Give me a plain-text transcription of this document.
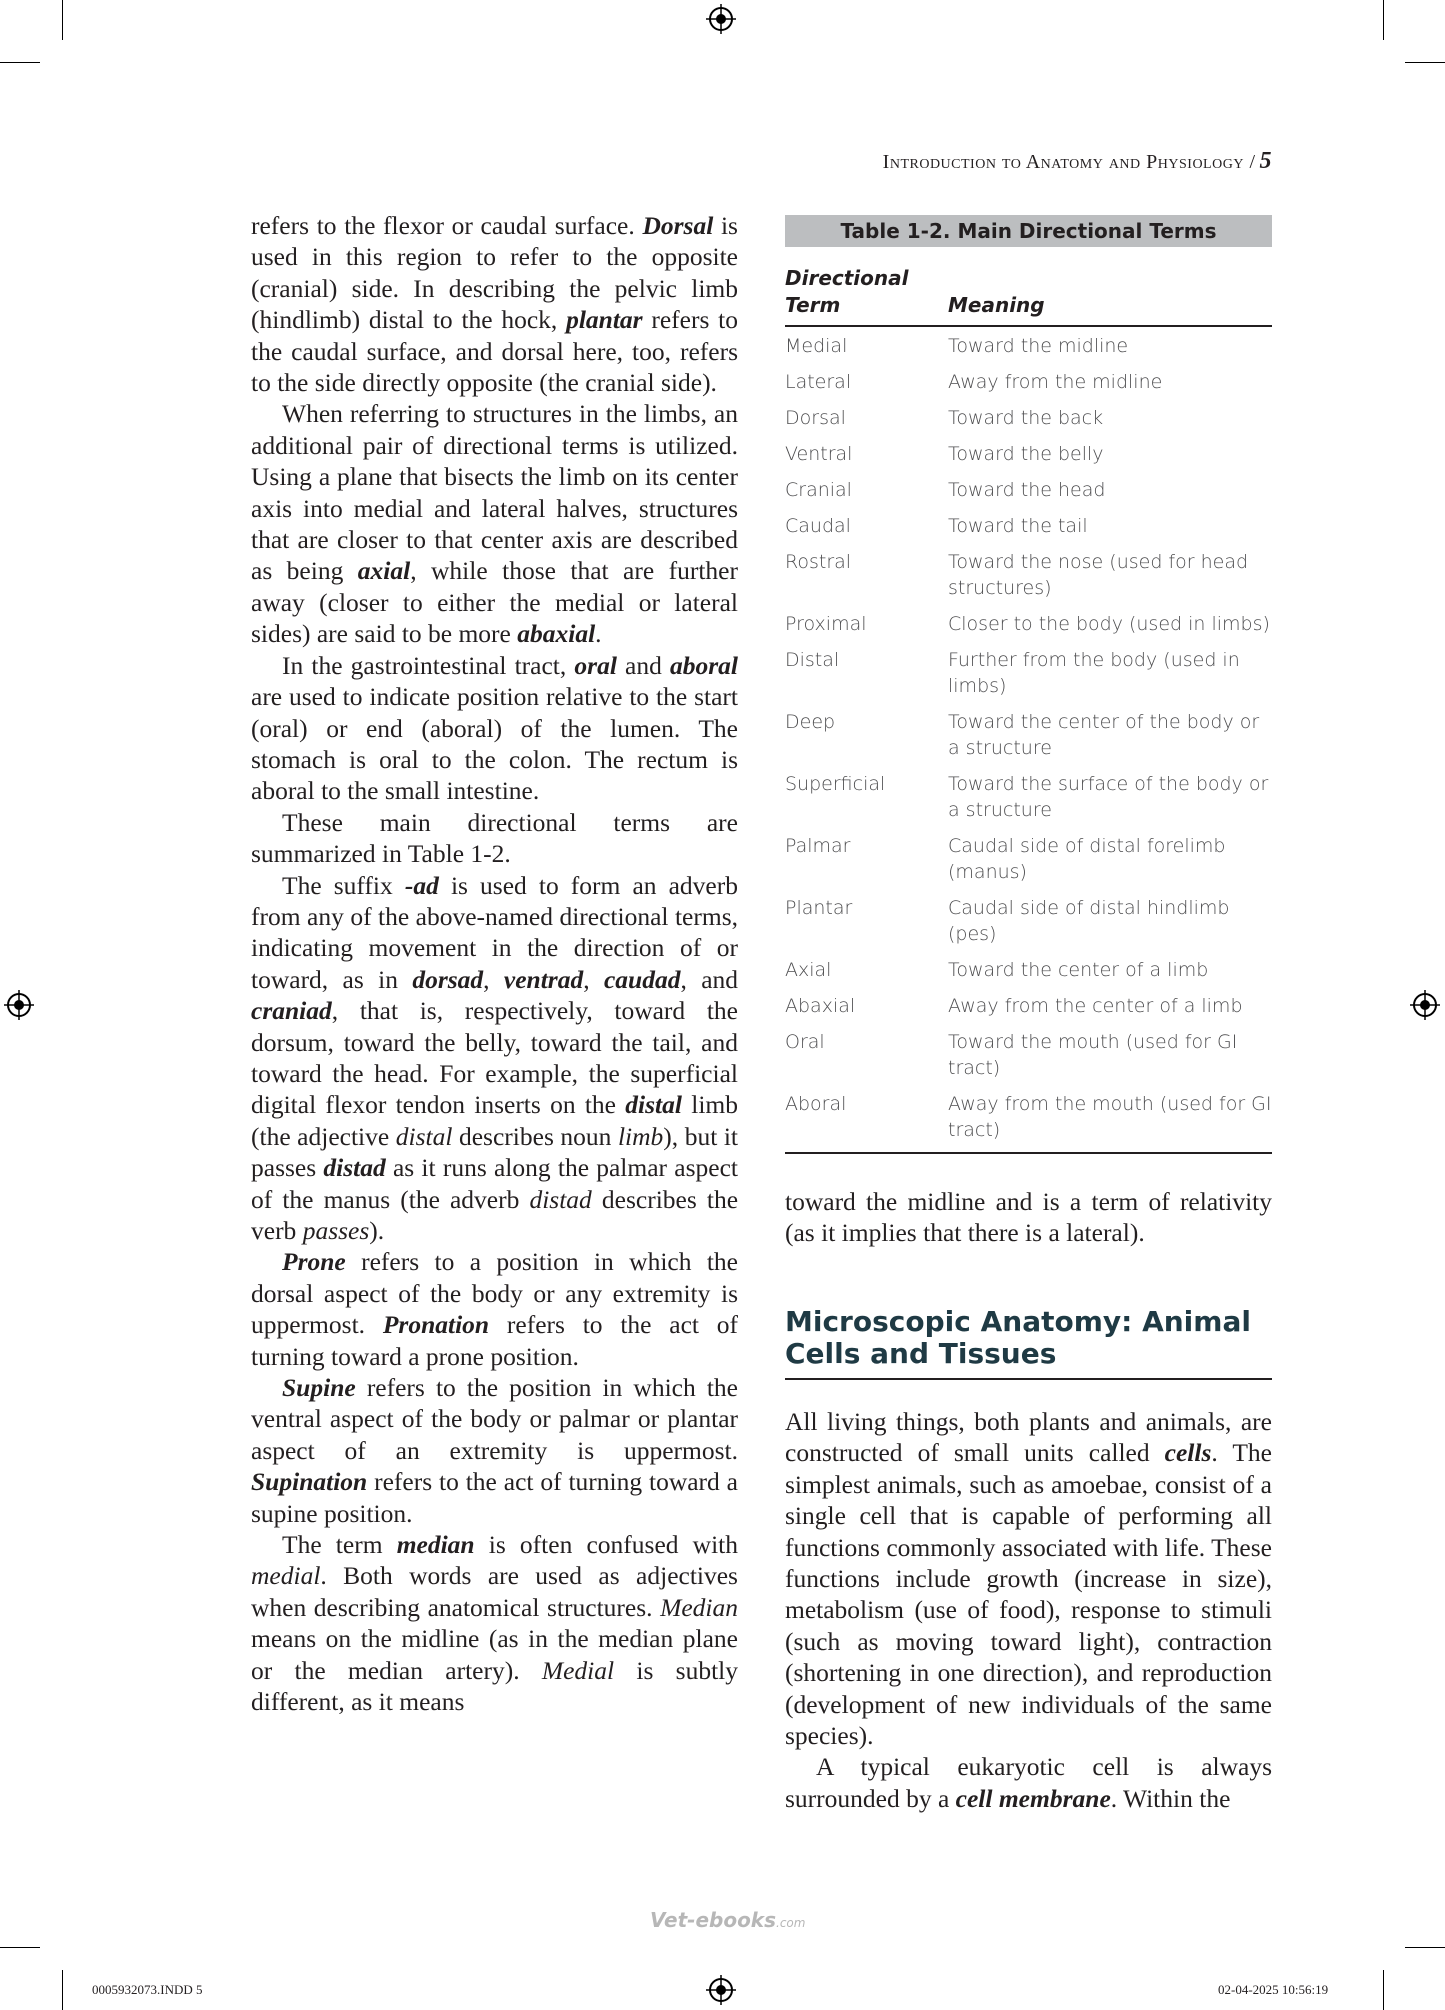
Introduction to Anatomy and Physiology / 5

refers to the flexor or caudal surface. Dorsal is used in this region to refer to the opposite (cranial) side. In describing the pelvic limb (hindlimb) distal to the hock, plantar refers to the caudal surface, and dorsal here, too, refers to the side directly opposite (the cranial side).

When referring to structures in the limbs, an additional pair of directional terms is utilized. Using a plane that bisects the limb on its center axis into medial and lateral halves, structures that are closer to that center axis are described as being axial, while those that are further away (closer to either the medial or lateral sides) are said to be more abaxial.

In the gastrointestinal tract, oral and aboral are used to indicate position relative to the start (oral) or end (aboral) of the lumen. The stomach is oral to the colon. The rectum is aboral to the small intestine.

These main directional terms are summarized in Table 1-2.

The suffix -ad is used to form an adverb from any of the above-named directional terms, indicating movement in the direction of or toward, as in dorsad, ventrad, caudad, and craniad, that is, respectively, toward the dorsum, toward the belly, toward the tail, and toward the head. For example, the superficial digital flexor tendon inserts on the distal limb (the adjective distal describes noun limb), but it passes distad as it runs along the palmar aspect of the manus (the adverb distad describes the verb passes).

Prone refers to a position in which the dorsal aspect of the body or any extremity is uppermost. Pronation refers to the act of turning toward a prone position.

Supine refers to the position in which the ventral aspect of the body or palmar or plantar aspect of an extremity is uppermost. Supination refers to the act of turning toward a supine position.

The term median is often confused with medial. Both words are used as adjectives when describing anatomical structures. Median means on the midline (as in the median plane or the median artery). Medial is subtly different, as it means

Table 1-2. Main Directional Terms
Directional Term	Meaning
Medial	Toward the midline
Lateral	Away from the midline
Dorsal	Toward the back
Ventral	Toward the belly
Cranial	Toward the head
Caudal	Toward the tail
Rostral	Toward the nose (used for head structures)
Proximal	Closer to the body (used in limbs)
Distal	Further from the body (used in limbs)
Deep	Toward the center of the body or a structure
Superficial	Toward the surface of the body or a structure
Palmar	Caudal side of distal forelimb (manus)
Plantar	Caudal side of distal hindlimb (pes)
Axial	Toward the center of a limb
Abaxial	Away from the center of a limb
Oral	Toward the mouth (used for GI tract)
Aboral	Away from the mouth (used for GI tract)

toward the midline and is a term of relativity (as it implies that there is a lateral).

Microscopic Anatomy: Animal Cells and Tissues

All living things, both plants and animals, are constructed of small units called cells. The simplest animals, such as amoebae, consist of a single cell that is capable of performing all functions commonly associated with life. These functions include growth (increase in size), metabolism (use of food), response to stimuli (such as moving toward light), contraction (shortening in one direction), and reproduction (development of new individuals of the same species).

A typical eukaryotic cell is always surrounded by a cell membrane. Within the

Vet-ebooks.com
0005932073.INDD 5	02-04-2025 10:56:19
